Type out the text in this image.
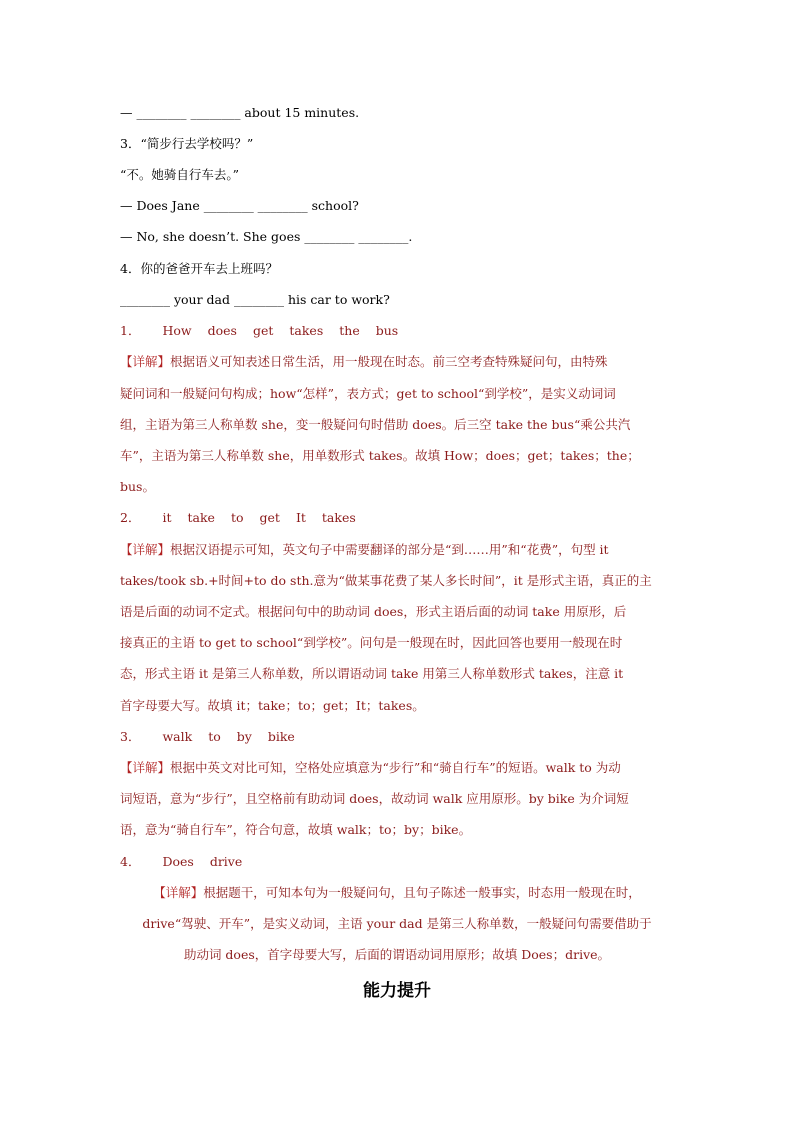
— ________ ________ about 15 minutes.
3．“简步行去学校吗？”
“不。她骑自行车去。”
— Does Jane ________ ________ school?
— No, she doesn’t. She goes ________ ________.
4．你的爸爸开车去上班吗？
________ your dad ________ his car to work?
1． How does get takes the bus
【详解】根据语义可知表述日常生活，用一般现在时态。前三空考查特殊疑问句，由特殊
疑问词和一般疑问句构成；how“怎样”，表方式；get to school“到学校”，是实义动词词
组，主语为第三人称单数 she，变一般疑问句时借助 does。后三空 take the bus“乘公共汽
车”，主语为第三人称单数 she，用单数形式 takes。故填 How；does；get；takes；the；
bus。
2． it take to get It takes
【详解】根据汉语提示可知，英文句子中需要翻译的部分是“到……用”和“花费”，句型 it
takes/took sb.+时间+to do sth.意为“做某事花费了某人多长时间”，it 是形式主语，真正的主
语是后面的动词不定式。根据问句中的助动词 does，形式主语后面的动词 take 用原形，后
接真正的主语 to get to school“到学校”。问句是一般现在时，因此回答也要用一般现在时
态，形式主语 it 是第三人称单数，所以谓语动词 take 用第三人称单数形式 takes，注意 it
首字母要大写。故填 it；take；to；get；It；takes。
3． walk to by bike
【详解】根据中英文对比可知，空格处应填意为“步行”和“骑自行车”的短语。walk to 为动
词短语，意为“步行”，且空格前有助动词 does，故动词 walk 应用原形。by bike 为介词短
语，意为“骑自行车”，符合句意，故填 walk；to；by；bike。
4． Does drive
【详解】根据题干，可知本句为一般疑问句，且句子陈述一般事实，时态用一般现在时，
drive“驾驶、开车”，是实义动词，主语 your dad 是第三人称单数，一般疑问句需要借助于
助动词 does，首字母要大写，后面的谓语动词用原形；故填 Does；drive。
能力提升
